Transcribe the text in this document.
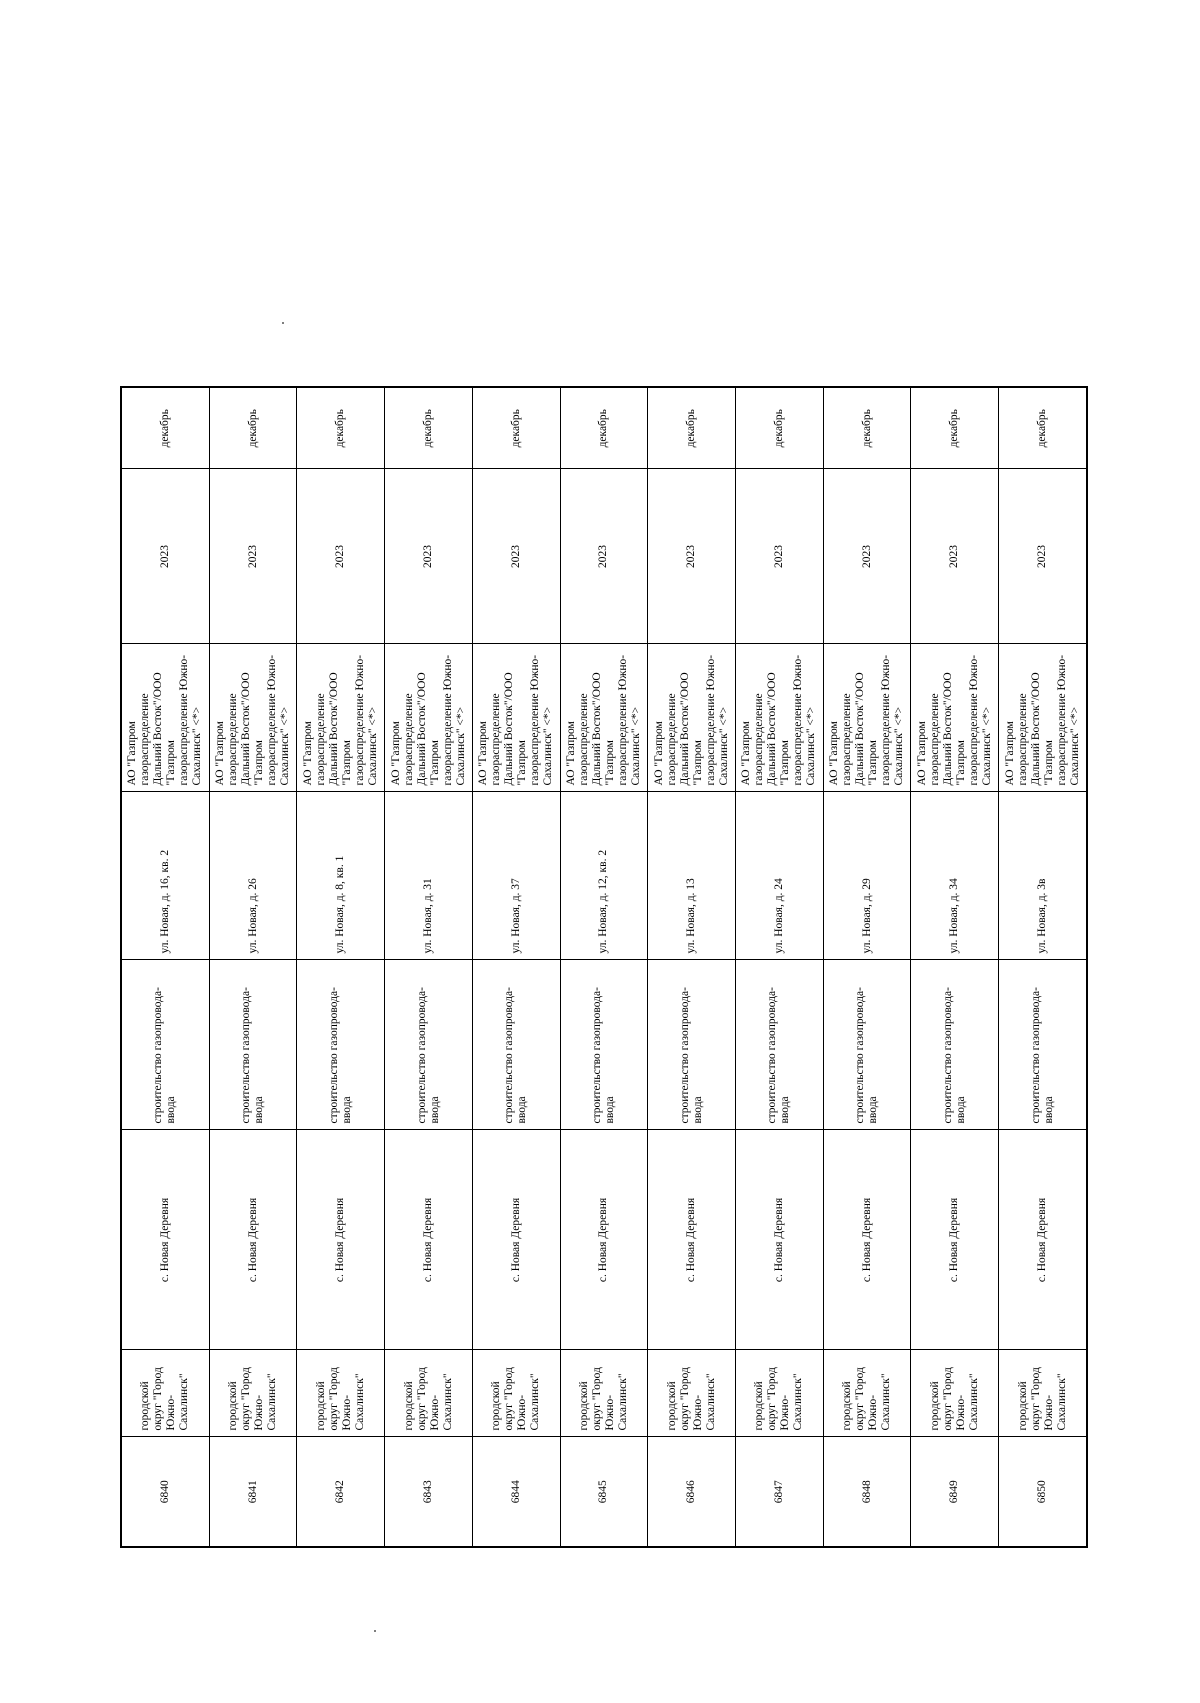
6840	городской округ "Город Южно-Сахалинск"	с. Новая Деревня	строительство газопровода-ввода	ул. Новая, д. 16, кв. 2	АО "Газпром газораспределение Дальний Восток"/ООО "Газпром газораспределение Южно-Сахалинск" <*>	2023	декабрь
6841	городской округ "Город Южно-Сахалинск"	с. Новая Деревня	строительство газопровода-ввода	ул. Новая, д. 26	АО "Газпром газораспределение Дальний Восток"/ООО "Газпром газораспределение Южно-Сахалинск" <*>	2023	декабрь
6842	городской округ "Город Южно-Сахалинск"	с. Новая Деревня	строительство газопровода-ввода	ул. Новая, д. 8, кв. 1	АО "Газпром газораспределение Дальний Восток"/ООО "Газпром газораспределение Южно-Сахалинск" <*>	2023	декабрь
6843	городской округ "Город Южно-Сахалинск"	с. Новая Деревня	строительство газопровода-ввода	ул. Новая, д. 31	АО "Газпром газораспределение Дальний Восток"/ООО "Газпром газораспределение Южно-Сахалинск" <*>	2023	декабрь
6844	городской округ "Город Южно-Сахалинск"	с. Новая Деревня	строительство газопровода-ввода	ул. Новая, д. 37	АО "Газпром газораспределение Дальний Восток"/ООО "Газпром газораспределение Южно-Сахалинск" <*>	2023	декабрь
6845	городской округ "Город Южно-Сахалинск"	с. Новая Деревня	строительство газопровода-ввода	ул. Новая, д. 12, кв. 2	АО "Газпром газораспределение Дальний Восток"/ООО "Газпром газораспределение Южно-Сахалинск" <*>	2023	декабрь
6846	городской округ "Город Южно-Сахалинск"	с. Новая Деревня	строительство газопровода-ввода	ул. Новая, д. 13	АО "Газпром газораспределение Дальний Восток"/ООО "Газпром газораспределение Южно-Сахалинск" <*>	2023	декабрь
6847	городской округ "Город Южно-Сахалинск"	с. Новая Деревня	строительство газопровода-ввода	ул. Новая, д. 24	АО "Газпром газораспределение Дальний Восток"/ООО "Газпром газораспределение Южно-Сахалинск" <*>	2023	декабрь
6848	городской округ "Город Южно-Сахалинск"	с. Новая Деревня	строительство газопровода-ввода	ул. Новая, д. 29	АО "Газпром газораспределение Дальний Восток"/ООО "Газпром газораспределение Южно-Сахалинск" <*>	2023	декабрь
6849	городской округ "Город Южно-Сахалинск"	с. Новая Деревня	строительство газопровода-ввода	ул. Новая, д. 34	АО "Газпром газораспределение Дальний Восток"/ООО "Газпром газораспределение Южно-Сахалинск" <*>	2023	декабрь
6850	городской округ "Город Южно-Сахалинск"	с. Новая Деревня	строительство газопровода-ввода	ул. Новая, д. 3в	АО "Газпром газораспределение Дальний Восток"/ООО "Газпром газораспределение Южно-Сахалинск" <*>	2023	декабрь
